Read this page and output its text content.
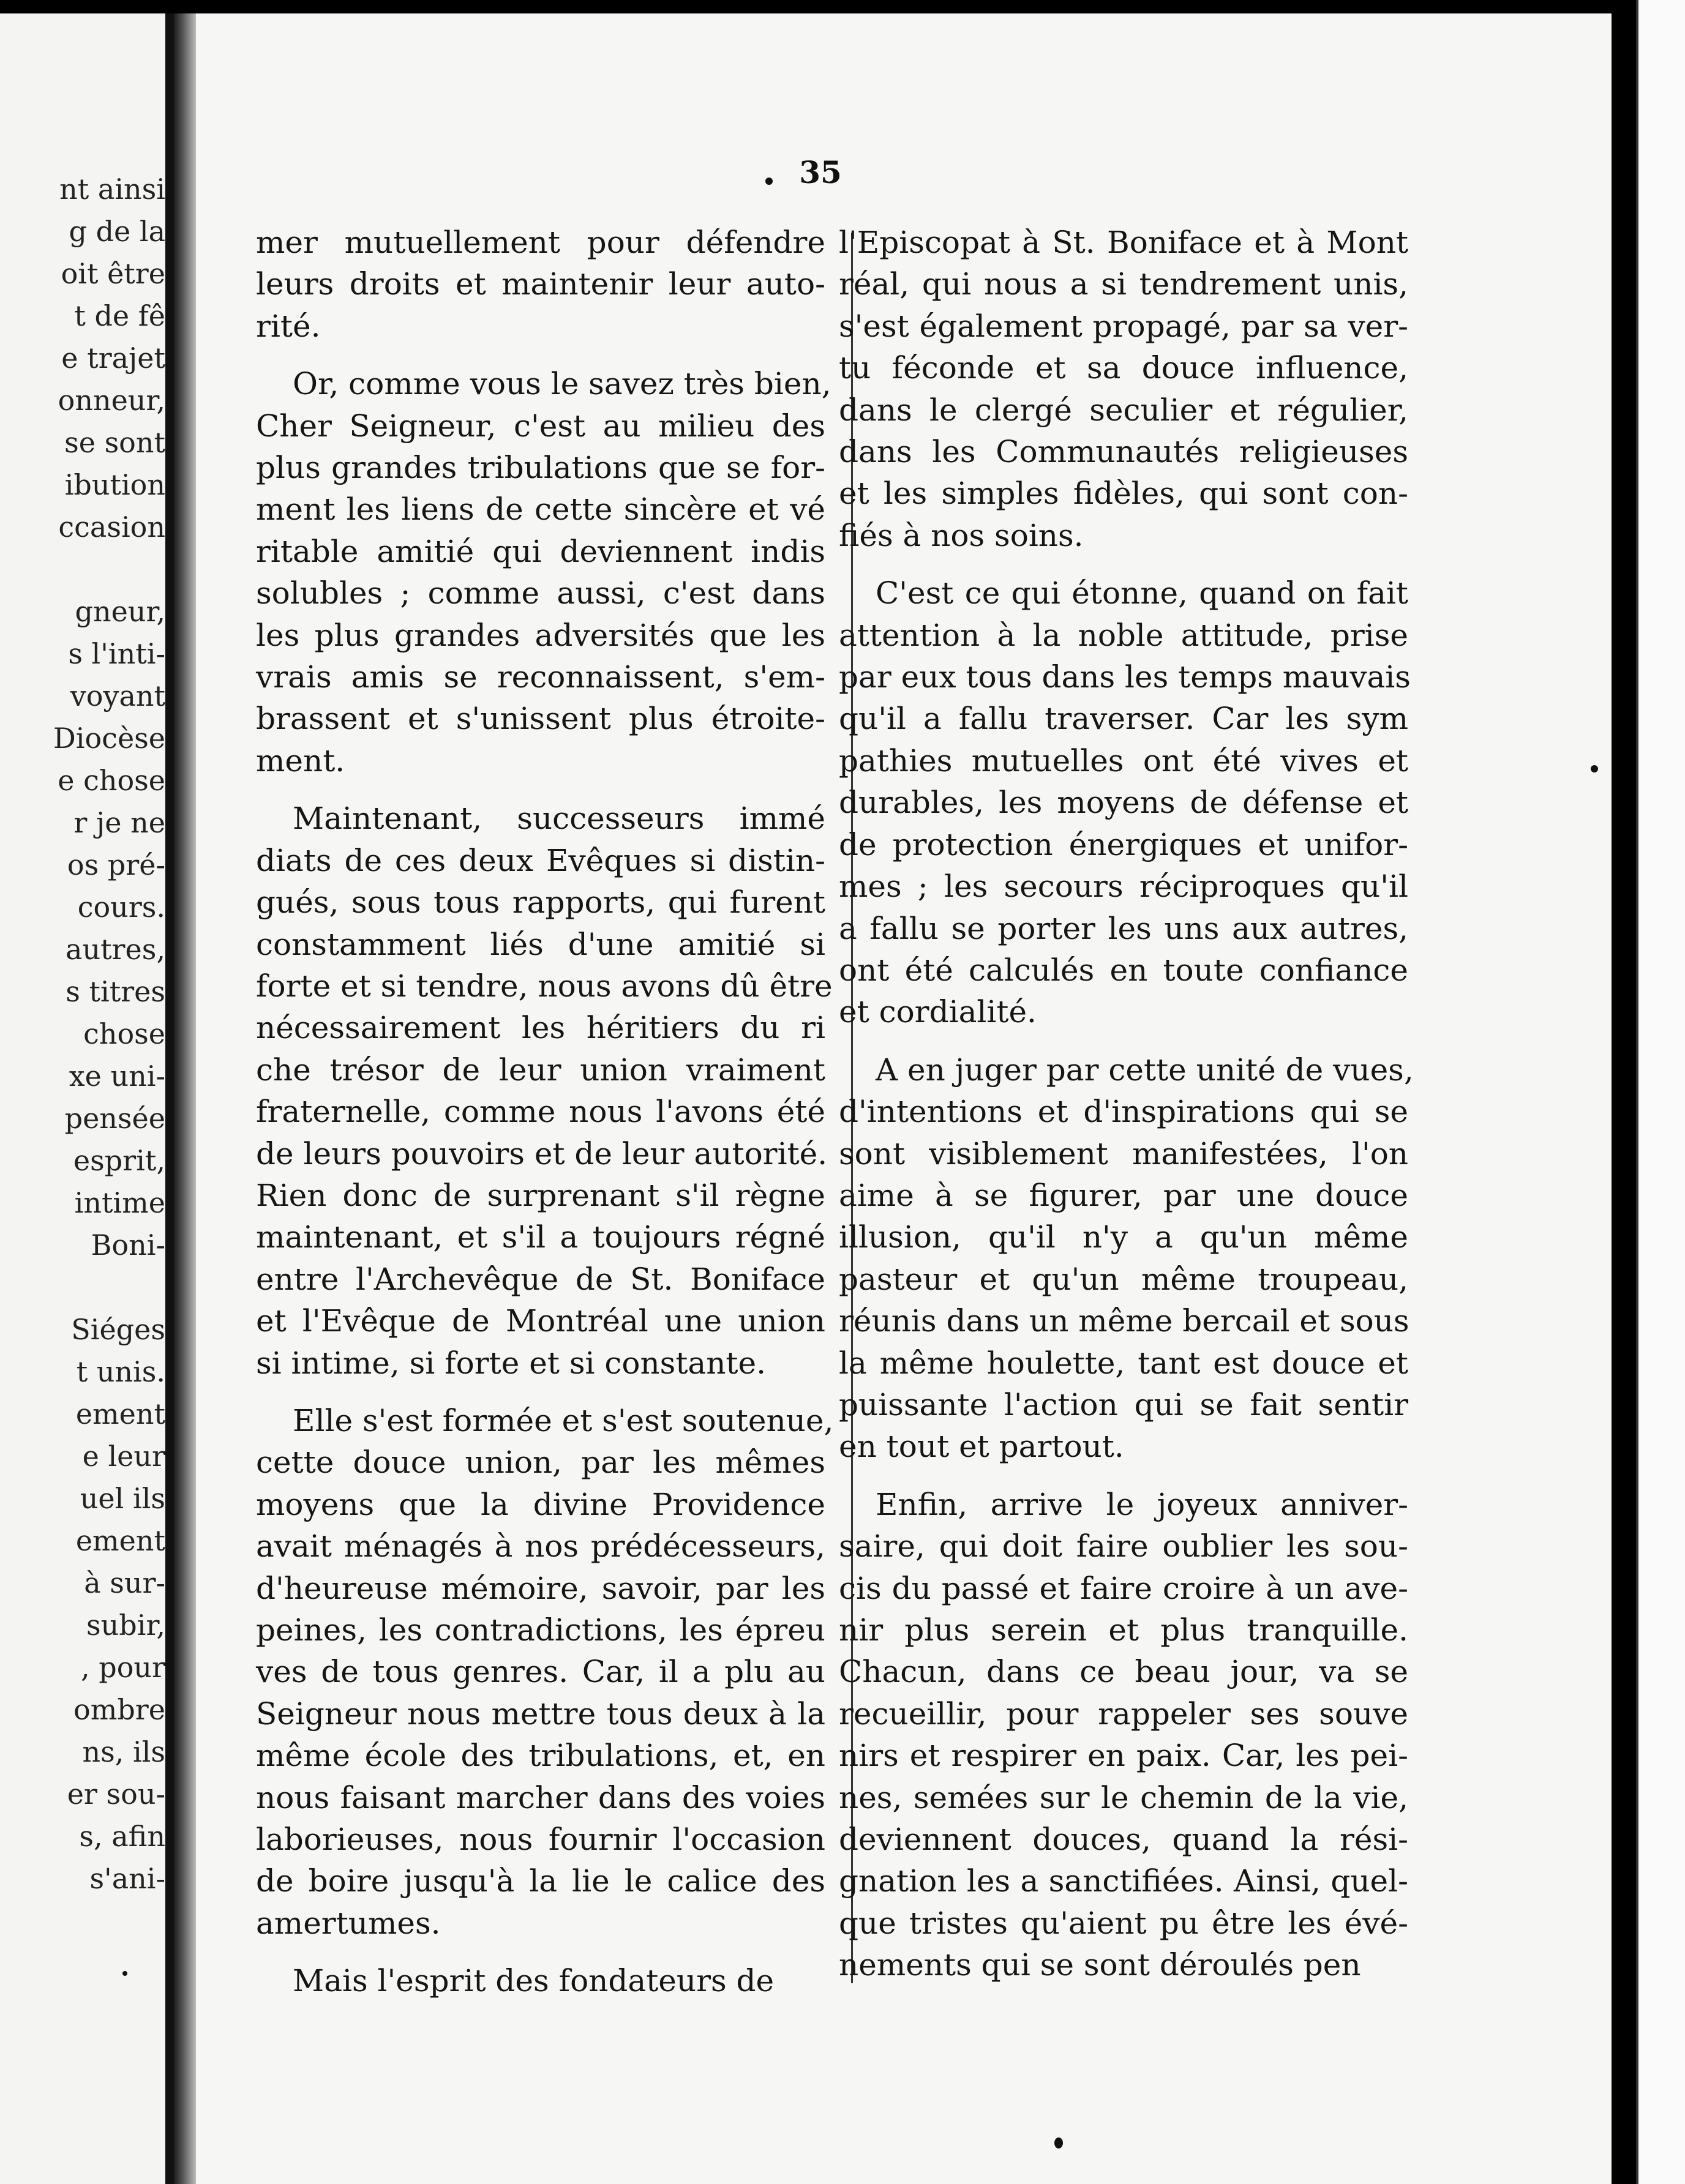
nt ainsi

g de la

oit être

t de fê

e trajet

onneur,

se sont

ibution

ccasion

gneur,

s l'inti-

voyant

Diocèse

e chose

r je ne

os pré-

cours.

autres,

s titres

chose

xe uni-

pensée

esprit,

intime

Boni-

Siéges

t unis.

ement

e leur

uel ils

ement

à sur-

subir,

, pour

ombre

ns, ils

er sou-

s, afin

s'ani-

35

mer mutuellement pour défendre
leurs droits et maintenir leur auto-
rité.

Or, comme vous le savez très bien,
Cher Seigneur, c'est au milieu des
plus grandes tribulations que se for-
ment les liens de cette sincère et vé
ritable amitié qui deviennent indis
solubles ; comme aussi, c'est dans
les plus grandes adversités que les
vrais amis se reconnaissent, s'em-
brassent et s'unissent plus étroite-
ment.

Maintenant, successeurs immé
diats de ces deux Evêques si distin-
gués, sous tous rapports, qui furent
constamment liés d'une amitié si
forte et si tendre, nous avons dû être
nécessairement les héritiers du ri
che trésor de leur union vraiment
fraternelle, comme nous l'avons été
de leurs pouvoirs et de leur autorité.
Rien donc de surprenant s'il règne
maintenant, et s'il a toujours régné
entre l'Archevêque de St. Boniface
et l'Evêque de Montréal une union
si intime, si forte et si constante.

Elle s'est formée et s'est soutenue,
cette douce union, par les mêmes
moyens que la divine Providence
avait ménagés à nos prédécesseurs,
d'heureuse mémoire, savoir, par les
peines, les contradictions, les épreu
ves de tous genres. Car, il a plu au
Seigneur nous mettre tous deux à la
même école des tribulations, et, en
nous faisant marcher dans des voies
laborieuses, nous fournir l'occasion
de boire jusqu'à la lie le calice des
amertumes.

Mais l'esprit des fondateurs de

l'Episcopat à St. Boniface et à Mont
réal, qui nous a si tendrement unis,
s'est également propagé, par sa ver-
tu féconde et sa douce influence,
dans le clergé seculier et régulier,
dans les Communautés religieuses
et les simples fidèles, qui sont con-
fiés à nos soins.

C'est ce qui étonne, quand on fait
attention à la noble attitude, prise
par eux tous dans les temps mauvais
qu'il a fallu traverser. Car les sym
pathies mutuelles ont été vives et
durables, les moyens de défense et
de protection énergiques et unifor-
mes ; les secours réciproques qu'il
a fallu se porter les uns aux autres,
ont été calculés en toute confiance
et cordialité.

A en juger par cette unité de vues,
d'intentions et d'inspirations qui se
sont visiblement manifestées, l'on
aime à se figurer, par une douce
illusion, qu'il n'y a qu'un même
pasteur et qu'un même troupeau,
réunis dans un même bercail et sous
la même houlette, tant est douce et
puissante l'action qui se fait sentir
en tout et partout.

Enfin, arrive le joyeux anniver-
saire, qui doit faire oublier les sou-
cis du passé et faire croire à un ave-
nir plus serein et plus tranquille.
Chacun, dans ce beau jour, va se
recueillir, pour rappeler ses souve
nirs et respirer en paix. Car, les pei-
nes, semées sur le chemin de la vie,
deviennent douces, quand la rési-
gnation les a sanctifiées. Ainsi, quel-
que tristes qu'aient pu être les évé-
nements qui se sont déroulés pen
